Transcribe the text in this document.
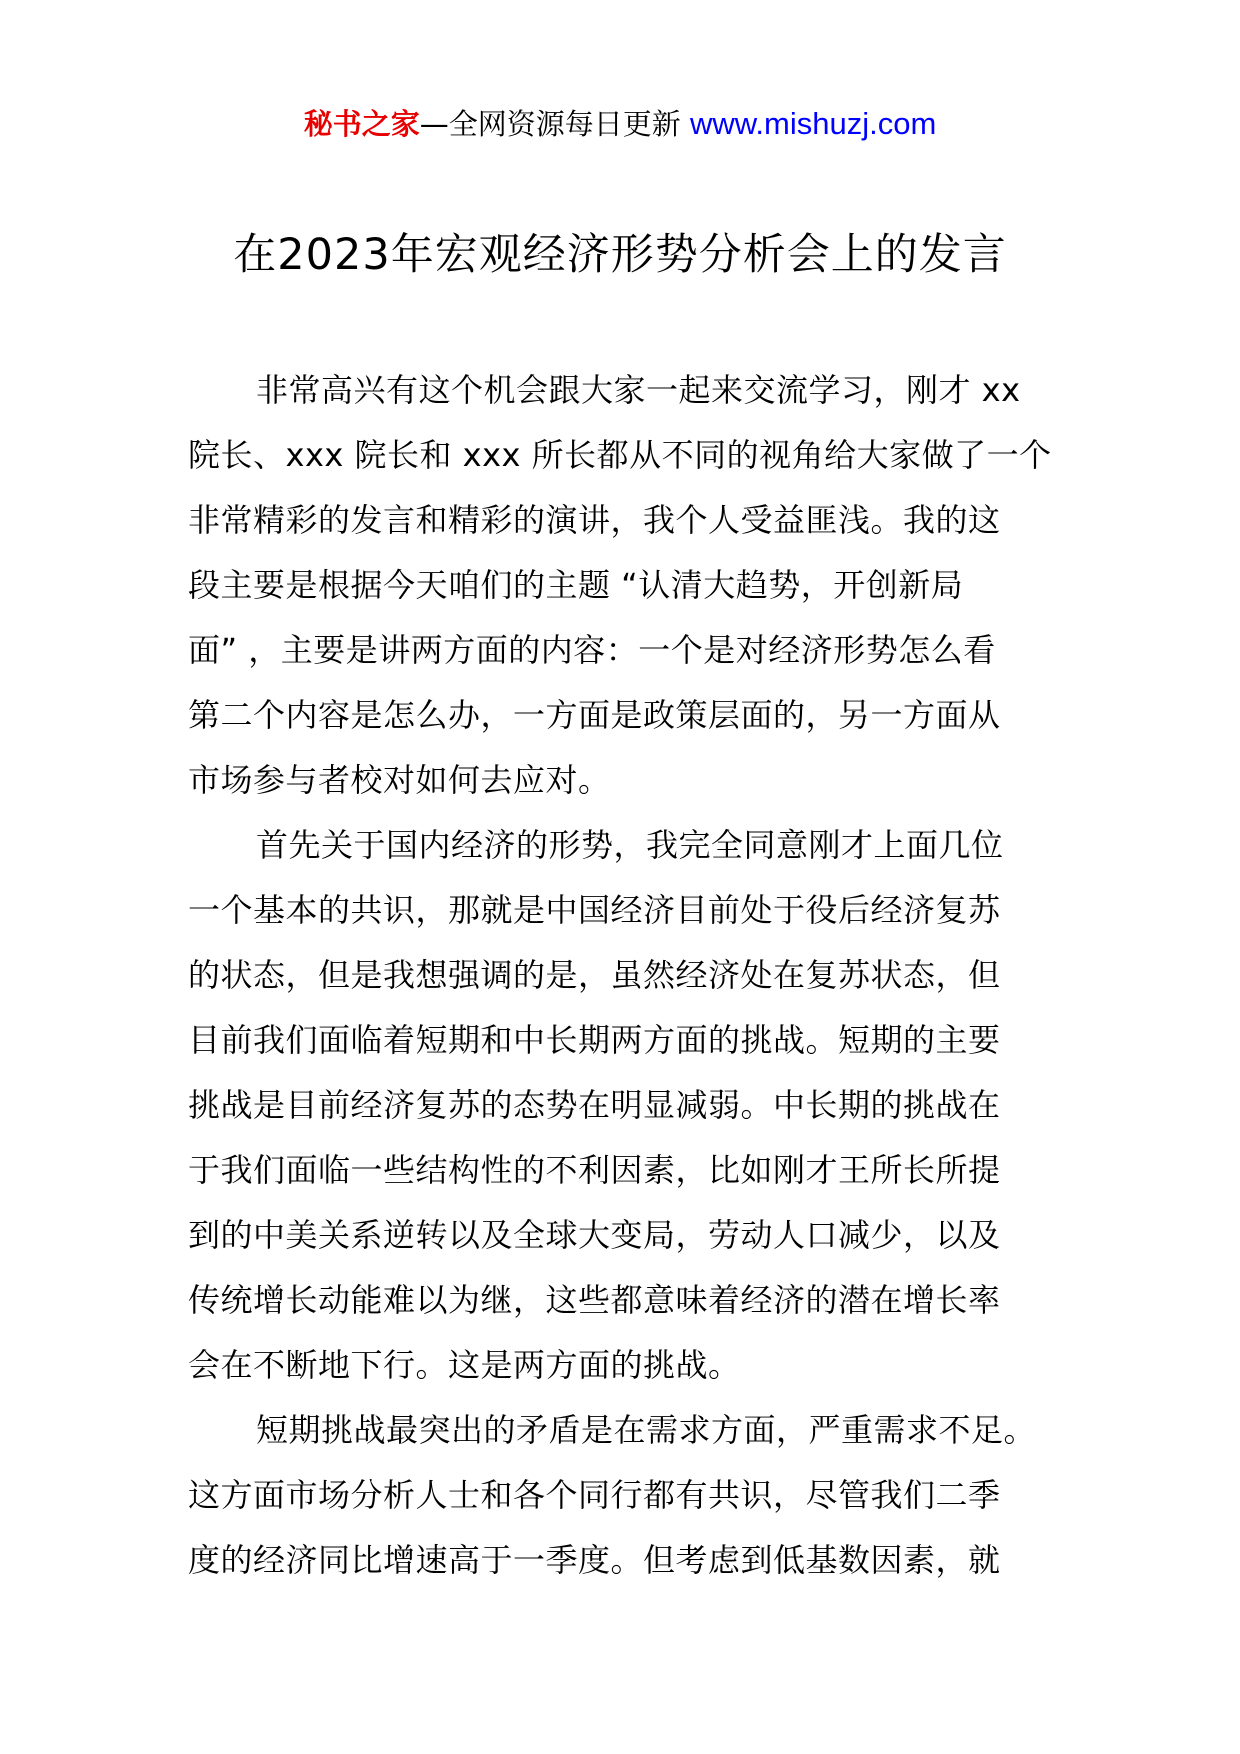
秘书之家—全网资源每日更新 www.mishuzj.com
在2023年宏观经济形势分析会上的发言
非常高兴有这个机会跟大家一起来交流学习，刚才 xx
院长、xxx 院长和 xxx 所长都从不同的视角给大家做了一个
非常精彩的发言和精彩的演讲，我个人受益匪浅。我的这
段主要是根据今天咱们的主题 “认清大趋势，开创新局
面” ，主要是讲两方面的内容：一个是对经济形势怎么看
第二个内容是怎么办，一方面是政策层面的，另一方面从
市场参与者校对如何去应对。
首先关于国内经济的形势，我完全同意刚才上面几位
一个基本的共识，那就是中国经济目前处于役后经济复苏
的状态，但是我想强调的是，虽然经济处在复苏状态，但
目前我们面临着短期和中长期两方面的挑战。短期的主要
挑战是目前经济复苏的态势在明显减弱。中长期的挑战在
于我们面临一些结构性的不利因素，比如刚才王所长所提
到的中美关系逆转以及全球大变局，劳动人口减少，以及
传统增长动能难以为继，这些都意味着经济的潜在增长率
会在不断地下行。这是两方面的挑战。
短期挑战最突出的矛盾是在需求方面，严重需求不足。
这方面市场分析人士和各个同行都有共识，尽管我们二季
度的经济同比增速高于一季度。但考虑到低基数因素，就
